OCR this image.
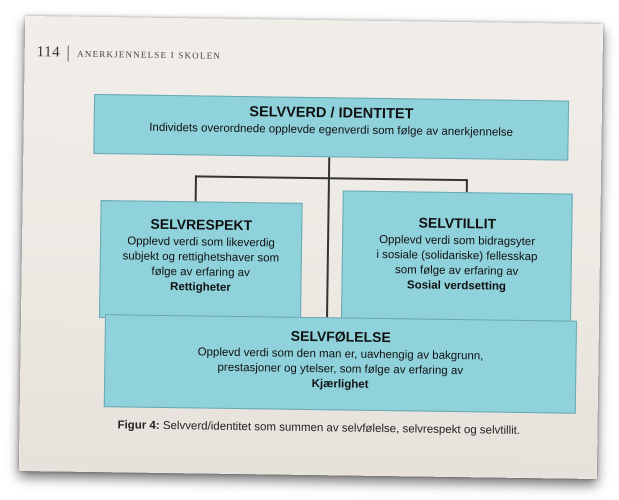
114 ANERKJENNELSE I SKOLEN
SELVVERD / IDENTITET
Individets overordnede opplevde egenverdi som følge av anerkjennelse
SELVRESPEKT
Opplevd verdi som likeverdig
subjekt og rettighetshaver som
følge av erfaring av
Rettigheter
SELVTILLIT
Opplevd verdi som bidragsyter
i sosiale (solidariske) fellesskap
som følge av erfaring av
Sosial verdsetting
SELVFØLELSE
Opplevd verdi som den man er, uavhengig av bakgrunn,
prestasjoner og ytelser, som følge av erfaring av
Kjærlighet
Figur 4: Selvverd/identitet som summen av selvfølelse, selvrespekt og selvtillit.
